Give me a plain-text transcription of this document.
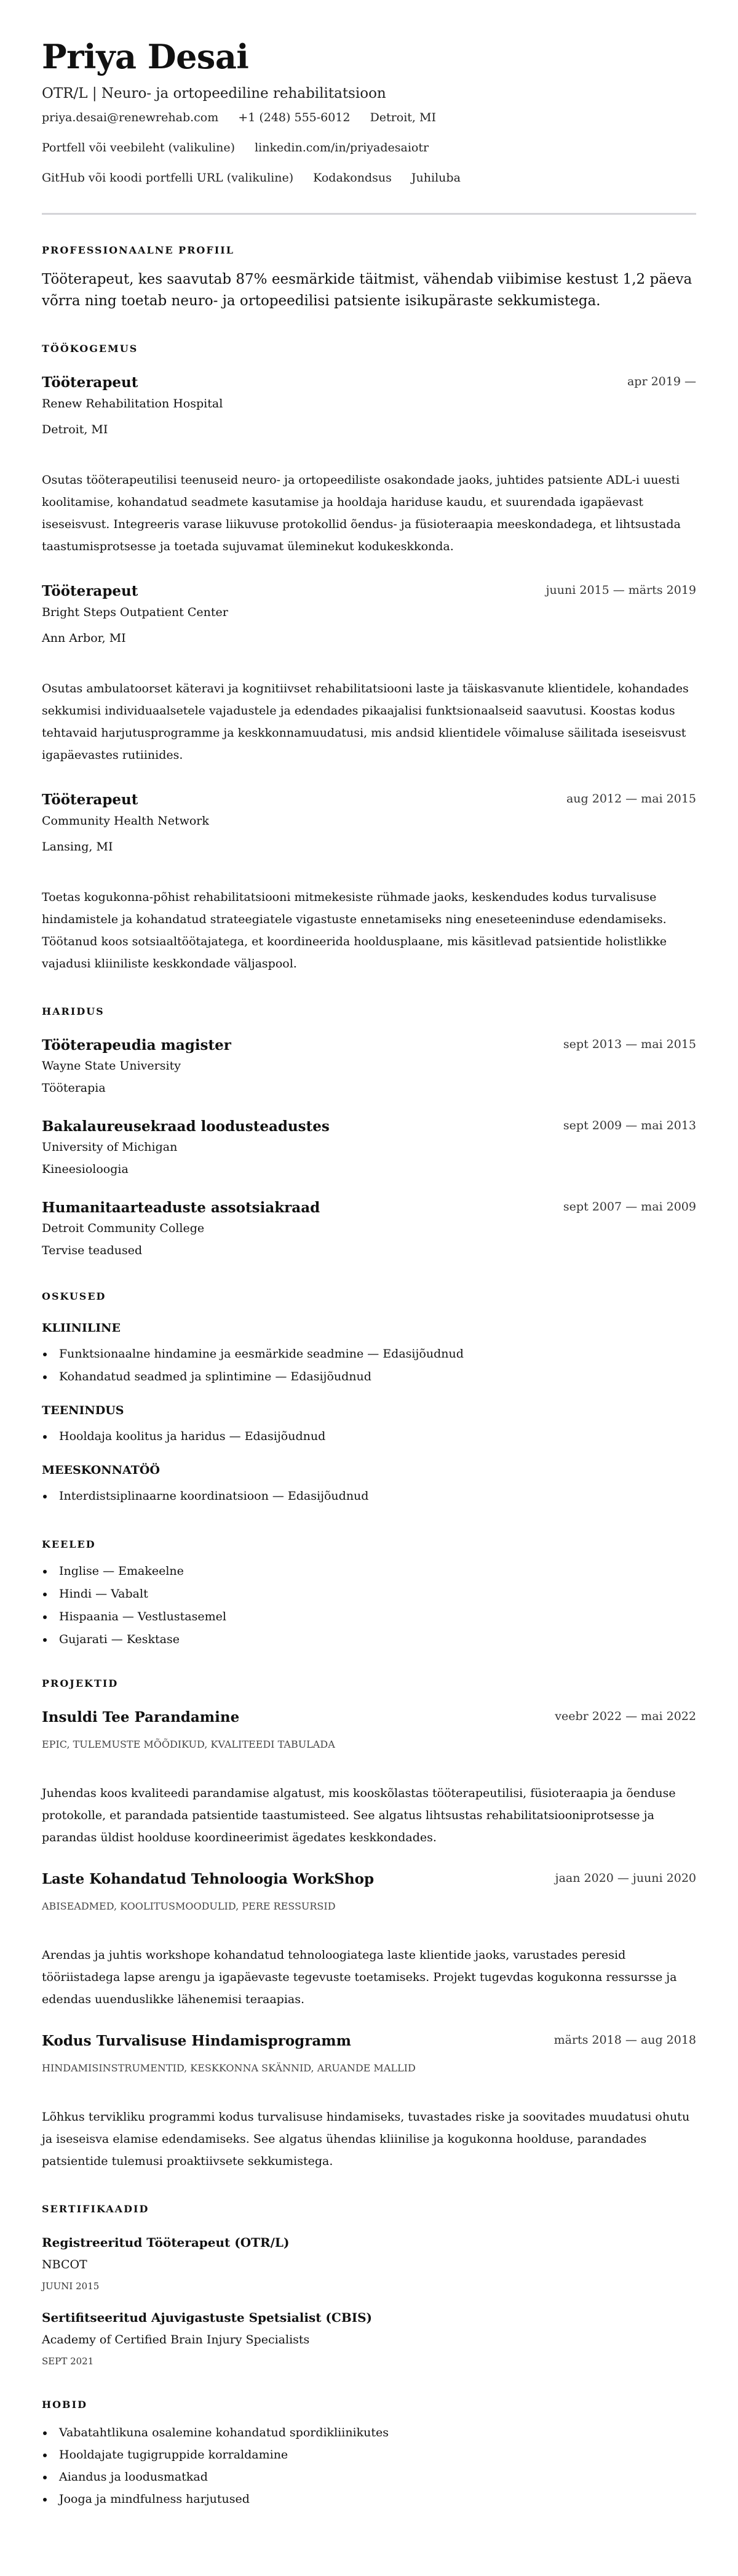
Priya Desai
OTR/L | Neuro- ja ortopeediline rehabilitatsioon
priya.desai@renewrehab.com +1 (248) 555-6012 Detroit, MI
Portfell või veebileht (valikuline) linkedin.com/in/priyadesaiotr
GitHub või koodi portfelli URL (valikuline) Kodakondsus Juhiluba
PROFESSIONAALNE PROFIIL
Tööterapeut, kes saavutab 87% eesmärkide täitmist, vähendab viibimise kestust 1,2 päeva võrra ning toetab neuro- ja ortopeedilisi patsiente isikupäraste sekkumistega.
TÖÖKOGEMUS
Tööterapeut	apr 2019 —
Renew Rehabilitation Hospital
Detroit, MI
Osutas tööterapeutilisi teenuseid neuro- ja ortopeediliste osakondade jaoks, juhtides patsiente ADL-i uuesti koolitamise, kohandatud seadmete kasutamise ja hooldaja hariduse kaudu, et suurendada igapäevast iseseisvust. Integreeris varase liikuvuse protokollid õendus- ja füsioteraapia meeskondadega, et lihtsustada taastumisprotsesse ja toetada sujuvamat üleminekut kodukeskkonda.
Tööterapeut	juuni 2015 — märts 2019
Bright Steps Outpatient Center
Ann Arbor, MI
Osutas ambulatoorset käteravi ja kognitiivset rehabilitatsiooni laste ja täiskasvanute klientidele, kohandades sekkumisi individuaalsetele vajadustele ja edendades pikaajalisi funktsionaalseid saavutusi. Koostas kodus tehtavaid harjutusprogramme ja keskkonnamuudatusi, mis andsid klientidele võimaluse säilitada iseseisvust igapäevastes rutiinides.
Tööterapeut	aug 2012 — mai 2015
Community Health Network
Lansing, MI
Toetas kogukonna-põhist rehabilitatsiooni mitmekesiste rühmade jaoks, keskendudes kodus turvalisuse hindamistele ja kohandatud strateegiatele vigastuste ennetamiseks ning eneseteeninduse edendamiseks. Töötanud koos sotsiaaltöötajatega, et koordineerida hooldusplaane, mis käsitlevad patsientide holistlikke vajadusi kliiniliste keskkondade väljaspool.
HARIDUS
Tööterapeudia magister	sept 2013 — mai 2015
Wayne State University
Tööterapia
Bakalaureusekraad loodusteadustes	sept 2009 — mai 2013
University of Michigan
Kineesioloogia
Humanitaarteaduste assotsiakraad	sept 2007 — mai 2009
Detroit Community College
Tervise teadused
OSKUSED
KLIINILINE
Funktsionaalne hindamine ja eesmärkide seadmine — Edasijõudnud
Kohandatud seadmed ja splintimine — Edasijõudnud
TEENINDUS
Hooldaja koolitus ja haridus — Edasijõudnud
MEESKONNATÖÖ
Interdistsiplinaarne koordinatsioon — Edasijõudnud
KEELED
Inglise — Emakeelne
Hindi — Vabalt
Hispaania — Vestlustasemel
Gujarati — Kesktase
PROJEKTID
Insuldi Tee Parandamine	veebr 2022 — mai 2022
EPIC, TULEMUSTE MÕÕDIKUD, KVALITEEDI TABULADA
Juhendas koos kvaliteedi parandamise algatust, mis kooskõlastas tööterapeutilisi, füsioteraapia ja õenduse protokolle, et parandada patsientide taastumisteed. See algatus lihtsustas rehabilitatsiooniprotsesse ja parandas üldist hoolduse koordineerimist ägedates keskkondades.
Laste Kohandatud Tehnoloogia WorkShop	jaan 2020 — juuni 2020
ABISEADMED, KOOLITUSMOODULID, PERE RESSURSID
Arendas ja juhtis workshope kohandatud tehnoloogiatega laste klientide jaoks, varustades peresid tööriistadega lapse arengu ja igapäevaste tegevuste toetamiseks. Projekt tugevdas kogukonna ressursse ja edendas uuenduslikke lähenemisi teraapias.
Kodus Turvalisuse Hindamisprogramm	märts 2018 — aug 2018
HINDAMISINSTRUMENTID, KESKKONNA SKÄNNID, ARUANDE MALLID
Lõhkus tervikliku programmi kodus turvalisuse hindamiseks, tuvastades riske ja soovitades muudatusi ohutu ja iseseisva elamise edendamiseks. See algatus ühendas kliinilise ja kogukonna hoolduse, parandades patsientide tulemusi proaktiivsete sekkumistega.
SERTIFIKAADID
Registreeritud Tööterapeut (OTR/L)
NBCOT
JUUNI 2015
Sertifitseeritud Ajuvigastuste Spetsialist (CBIS)
Academy of Certified Brain Injury Specialists
SEPT 2021
HOBID
Vabatahtlikuna osalemine kohandatud spordikliinikutes
Hooldajate tugigruppide korraldamine
Aiandus ja loodusmatkad
Jooga ja mindfulness harjutused
